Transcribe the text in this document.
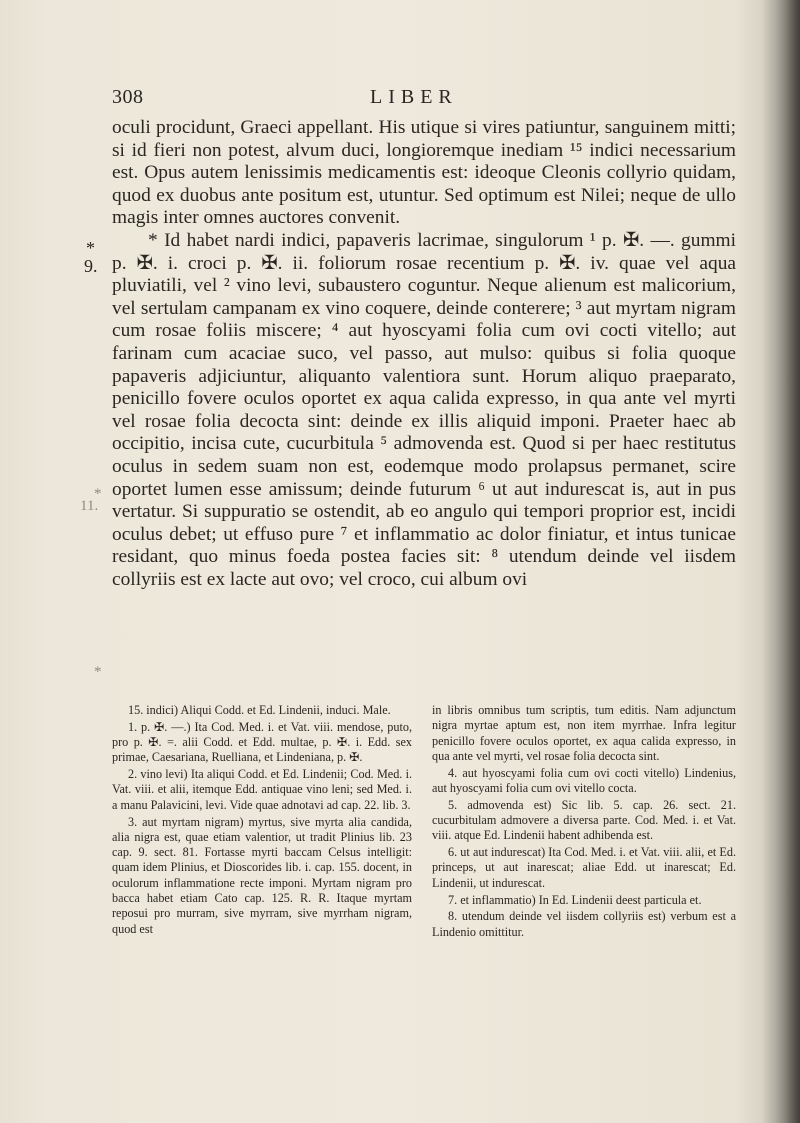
308	LIBER
*
9.
*
11.
*

oculi procidunt, Graeci appellant. His utique si vires patiuntur, sanguinem mitti; si id fieri non potest, alvum duci, longioremque inediam ¹⁵ indici necessarium est. Opus autem lenissimis medicamentis est: ideoque Cleonis collyrio quidam, quod ex duobus ante positum est, utuntur. Sed optimum est Nilei; neque de ullo magis inter omnes auctores convenit.

* Id habet nardi indici, papaveris lacrimae, singulorum ¹ p. ✠. —. gummi p. ✠. i. croci p. ✠. ii. foliorum rosae recentium p. ✠. iv. quae vel aqua pluviatili, vel ² vino levi, subaustero coguntur. Neque alienum est malicorium, vel sertulam campanam ex vino coquere, deinde conterere; ³ aut myrtam nigram cum rosae foliis miscere; ⁴ aut hyoscyami folia cum ovi cocti vitello; aut farinam cum acaciae suco, vel passo, aut mulso: quibus si folia quoque papaveris adjiciuntur, aliquanto valentiora sunt. Horum aliquo praeparato, penicillo fovere oculos oportet ex aqua calida expresso, in qua ante vel myrti vel rosae folia decocta sint: deinde ex illis aliquid imponi. Praeter haec ab occipitio, incisa cute, cucurbitula ⁵ admovenda est. Quod si per haec restitutus oculus in sedem suam non est, eodemque modo prolapsus permanet, scire oportet lumen esse amissum; deinde futurum ⁶ ut aut indurescat is, aut in pus vertatur. Si suppuratio se ostendit, ab eo angulo qui tempori proprior est, incidi oculus debet; ut effuso pure ⁷ et inflammatio ac dolor finiatur, et intus tunicae residant, quo minus foeda postea facies sit: ⁸ utendum deinde vel iisdem collyriis est ex lacte aut ovo; vel croco, cui album ovi

15. indici) Aliqui Codd. et Ed. Lindenii, induci. Male.

1. p. ✠. —.) Ita Cod. Med. i. et Vat. viii. mendose, puto, pro p. ✠. =. alii Codd. et Edd. multae, p. ✠. i. Edd. sex primae, Caesariana, Ruelliana, et Lindeniana, p. ✠.

2. vino levi) Ita aliqui Codd. et Ed. Lindenii; Cod. Med. i. Vat. viii. et alii, itemque Edd. antiquae vino leni; sed Med. i. a manu Palavicini, levi. Vide quae adnotavi ad cap. 22. lib. 3.

3. aut myrtam nigram) myrtus, sive myrta alia candida, alia nigra est, quae etiam valentior, ut tradit Plinius lib. 23 cap. 9. sect. 81. Fortasse myrti baccam Celsus intelligit: quam idem Plinius, et Dioscorides lib. i. cap. 155. docent, in oculorum inflammatione recte imponi. Myrtam nigram pro bacca habet etiam Cato cap. 125. R. R. Itaque myrtam reposui pro murram, sive myrram, sive myrrham nigram, quod est

in libris omnibus tum scriptis, tum editis. Nam adjunctum nigra myrtae aptum est, non item myrrhae. Infra legitur penicillo fovere oculos oportet, ex aqua calida expresso, in qua ante vel myrti, vel rosae folia decocta sint.

4. aut hyoscyami folia cum ovi cocti vitello) Lindenius, aut hyoscyami folia cum ovi vitello cocta.

5. admovenda est) Sic lib. 5. cap. 26. sect. 21. cucurbitulam admovere a diversa parte. Cod. Med. i. et Vat. viii. atque Ed. Lindenii habent adhibenda est.

6. ut aut indurescat) Ita Cod. Med. i. et Vat. viii. alii, et Ed. princeps, ut aut inarescat; aliae Edd. ut inarescat; Ed. Lindenii, ut indurescat.

7. et inflammatio) In Ed. Lindenii deest particula et.

8. utendum deinde vel iisdem collyriis est) verbum est a Lindenio omittitur.
